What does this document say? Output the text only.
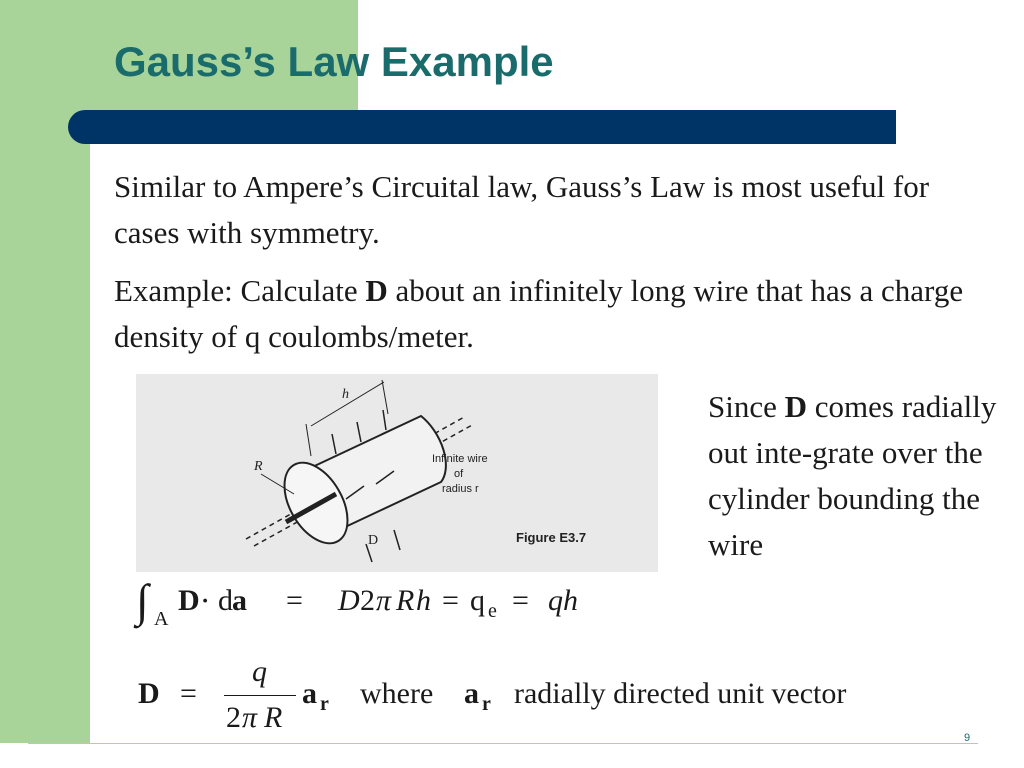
Gauss’s Law Example

Similar to Ampere’s Circuital law, Gauss’s Law is most useful for cases with symmetry.

Example: Calculate D about an infinitely long wire that has a charge density of q coulombs/meter.

Since D comes radially out inte-grate over the cylinder bounding the wire
h
R
D
Infinite wire
of
radius r
Figure E3.7
∫ A
D ⋅ d a = D 2 π R h = q e = qh
D =
q
2 π R
a r where a r radially directed unit vector
9
